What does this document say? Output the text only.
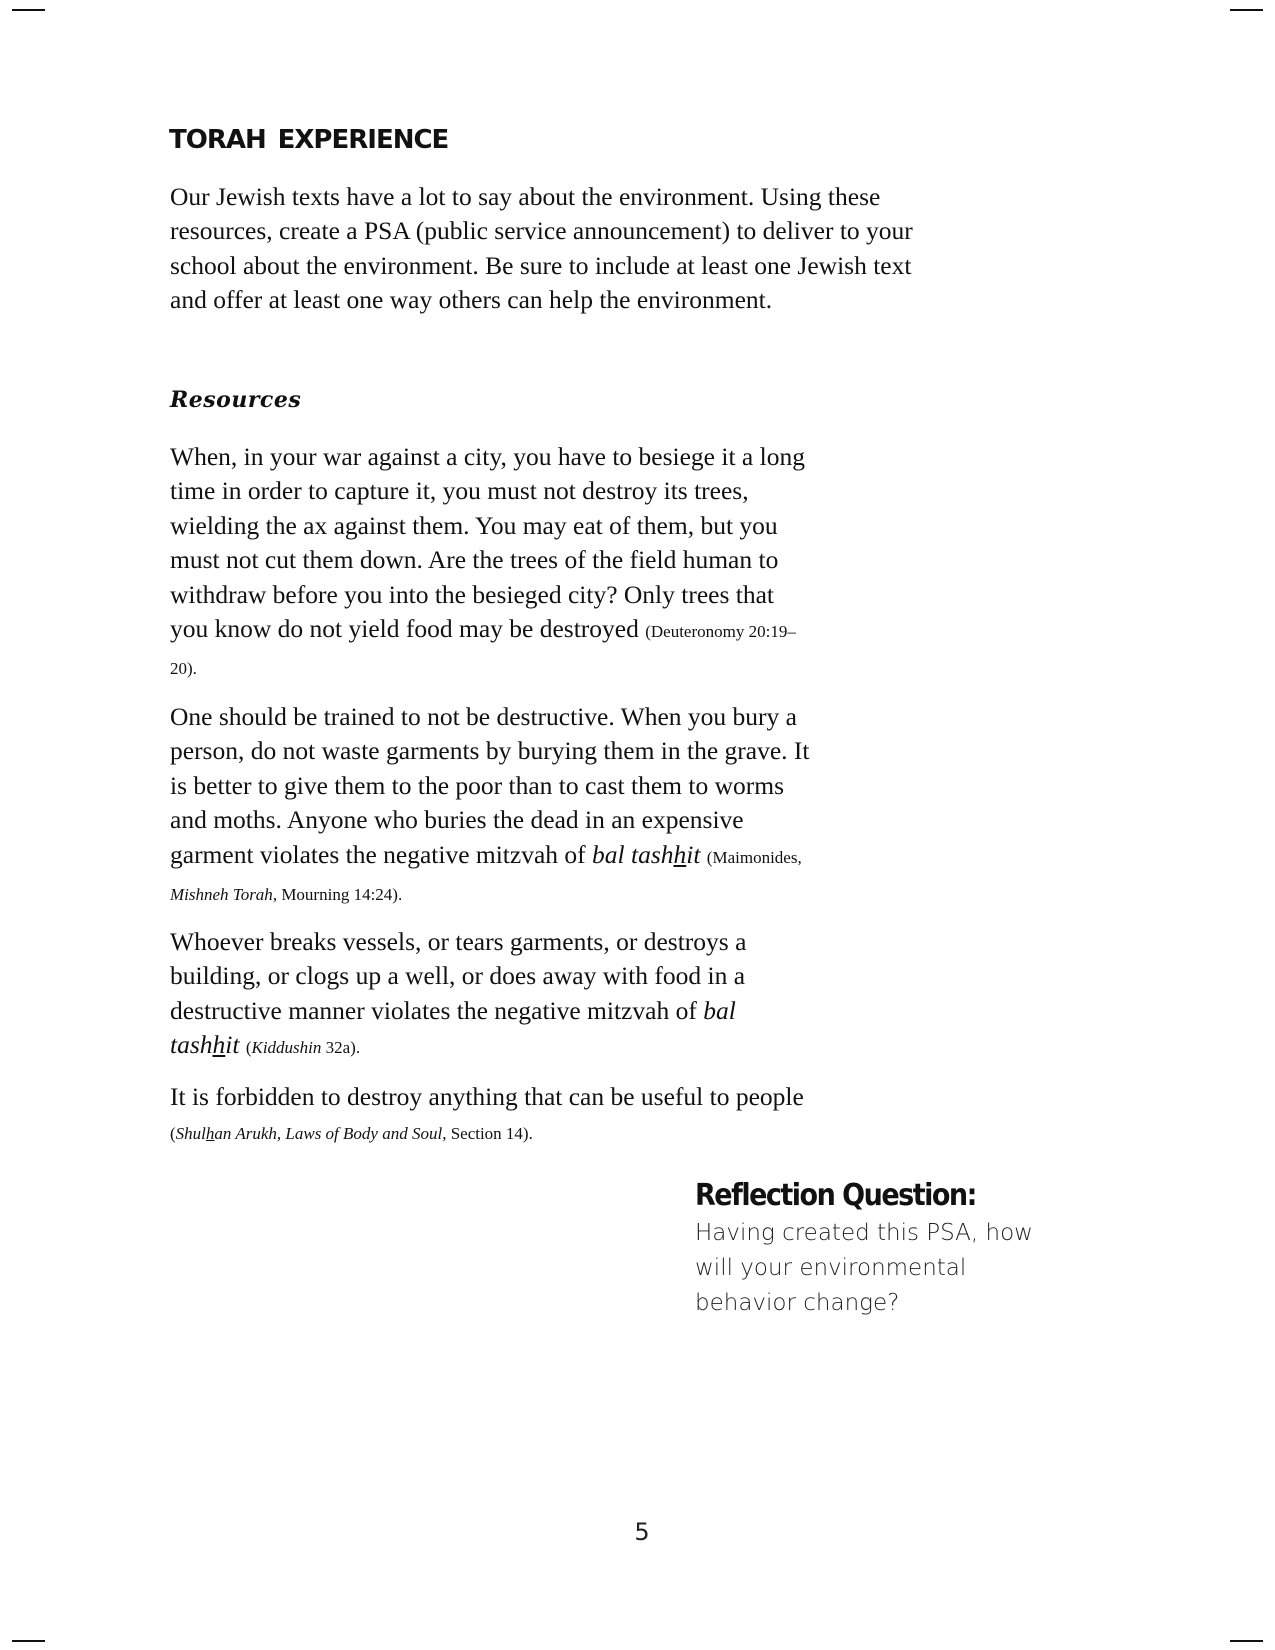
torah experience

Our Jewish texts have a lot to say about the environment. Using these resources, create a PSA (public service announcement) to deliver to your school about the environment. Be sure to include at least one Jewish text and offer at least one way others can help the environment.

Resources

When, in your war against a city, you have to besiege it a long time in order to capture it, you must not destroy its trees, wielding the ax against them. You may eat of them, but you must not cut them down. Are the trees of the field human to withdraw before you into the besieged city? Only trees that you know do not yield food may be destroyed (Deuteronomy 20:19–20).

One should be trained to not be destructive. When you bury a person, do not waste garments by burying them in the grave. It is better to give them to the poor than to cast them to worms and moths. Anyone who buries the dead in an expensive garment violates the negative mitzvah of bal tashhit (Maimonides, Mishneh Torah, Mourning 14:24).

Whoever breaks vessels, or tears garments, or destroys a building, or clogs up a well, or does away with food in a destructive manner violates the negative mitzvah of bal tashhit (Kiddushin 32a).

It is forbidden to destroy anything that can be useful to people (Shulhan Arukh, Laws of Body and Soul, Section 14).

Reflection Question: Having created this PSA, how will your environmental behavior change?

5
